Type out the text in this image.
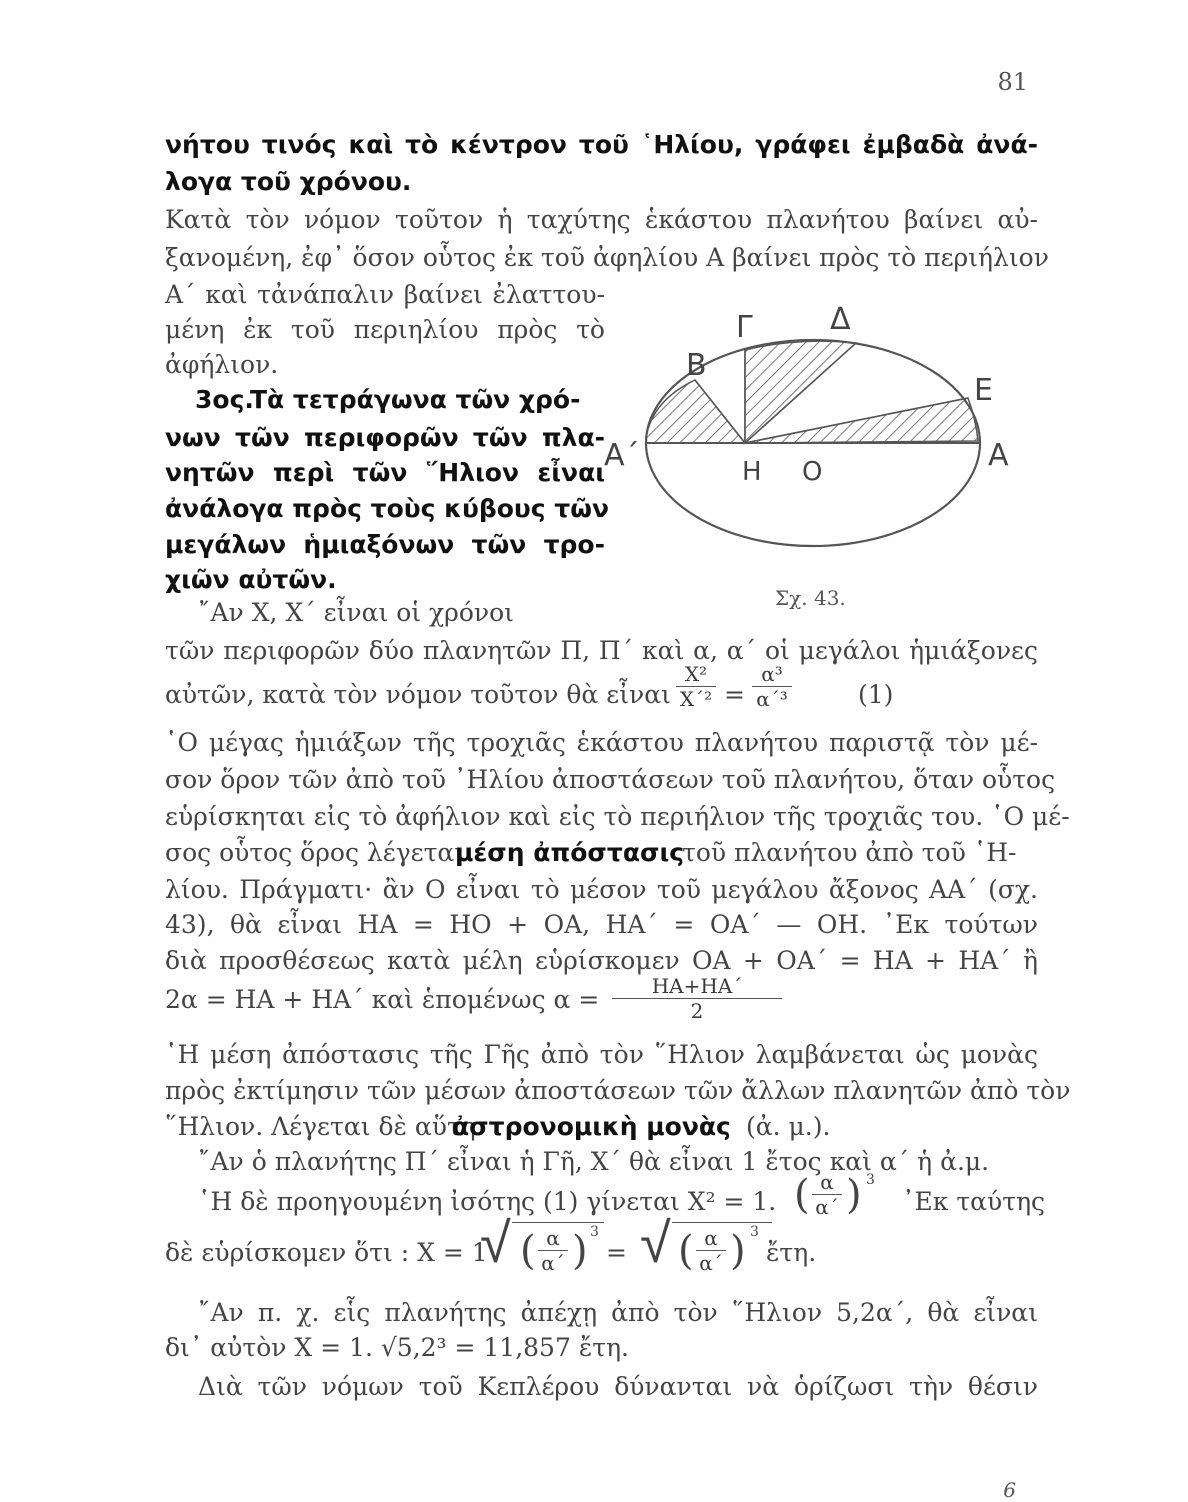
81
νήτου τινός καὶ τὸ κέντρον τοῦ ῾Ηλίου, γράφει ἐμβαδὰ ἀνά-
λογα τοῦ χρόνου.
Κατὰ τὸν νόμον τοῦτον ἡ ταχύτης ἑκάστου πλανήτου βαίνει αὐ-
ξανομένη, ἐφ᾽ ὅσον οὗτος ἐκ τοῦ ἀφηλίου Α βαίνει πρὸς τὸ περιήλιον
Α΄ καὶ τἀνάπαλιν βαίνει ἐλαττου-
μένη ἐκ τοῦ περιηλίου πρὸς τὸ
ἀφήλιον.
3ος.
Τὰ τετράγωνα τῶν χρό-
νων τῶν περιφορῶν τῶν πλα-
νητῶν περὶ τῶν ῞Ηλιον εἶναι
ἀνάλογα πρὸς τοὺς κύβους τῶν
μεγάλων ἡμιαξόνων τῶν τρο-
χιῶν αὐτῶν.
῎Αν Χ, Χ΄ εἶναι οἱ χρόνοι
Β
Γ	Δ
Ε
Α
Α΄	Η Ο
Σχ. 43.
τῶν περιφορῶν δύο πλανητῶν Π, Π΄ καὶ α, α΄ οἱ μεγάλοι ἡμιάξονες
αὐτῶν, κατὰ τὸν νόμον τοῦτον θὰ εἶναι
Χ²
Χ΄² =
α³
α΄³	(1)
῾Ο μέγας ἡμιάξων τῆς τροχιᾶς ἑκάστου πλανήτου παριστᾷ τὸν μέ-
σον ὅρον τῶν ἀπὸ τοῦ ᾽Ηλίου ἀποστάσεων τοῦ πλανήτου, ὅταν οὗτος
εὑρίσκηται εἰς τὸ ἀφήλιον καὶ εἰς τὸ περιήλιον τῆς τροχιᾶς του. ῾Ο μέ-
σος οὗτος ὅρος λέγεται
μέση ἀπόστασις
τοῦ πλανήτου ἀπὸ τοῦ ῾Η-
λίου. Πράγματι· ἂν Ο εἶναι τὸ μέσον τοῦ μεγάλου ἄξονος ΑΑ΄ (σχ.
43), θὰ εἶναι ΗΑ = ΗΟ + ΟΑ, ΗΑ΄ = ΟΑ΄ — ΟΗ. ᾽Εκ τούτων
διὰ προσθέσεως κατὰ μέλη εὑρίσκομεν ΟΑ + ΟΑ΄ = ΗΑ + ΗΑ΄ ἢ
2α = ΗΑ + ΗΑ΄ καὶ ἑπομένως α =	ΗΑ+ΗΑ΄
2
῾Η μέση ἀπόστασις τῆς Γῆς ἀπὸ τὸν ῞Ηλιον λαμβάνεται ὡς μονὰς
πρὸς ἐκτίμησιν τῶν μέσων ἀποστάσεων τῶν ἄλλων πλανητῶν ἀπὸ τὸν
῞Ηλιον. Λέγεται δὲ αὕτη
ἀστρονομικὴ μονὰς (ἀ. μ.).
῎Αν ὁ πλανήτης Π΄ εἶναι ἡ Γῆ, Χ΄ θὰ εἶναι 1 ἔτος καὶ α΄ ἡ ἀ.μ.
῾Η δὲ προηγουμένη ἰσότης (1) γίνεται Χ² = 1. ( α
α΄ ) 3
᾽Εκ ταύτης
δὲ εὑρίσκομεν ὅτι : Χ = 1
√ ( α
α΄ ) 3
= √ ( α
α΄ ) 3
ἔτη.
῎Αν π. χ. εἷς πλανήτης ἀπέχῃ ἀπὸ τὸν ῞Ηλιον 5,2α΄, θὰ εἶναι
δι᾽ αὐτὸν Χ = 1. √5,2³ = 11,857 ἔτη.
Διὰ τῶν νόμων τοῦ Κεπλέρου δύνανται νὰ ὁρίζωσι τὴν θέσιν
6
